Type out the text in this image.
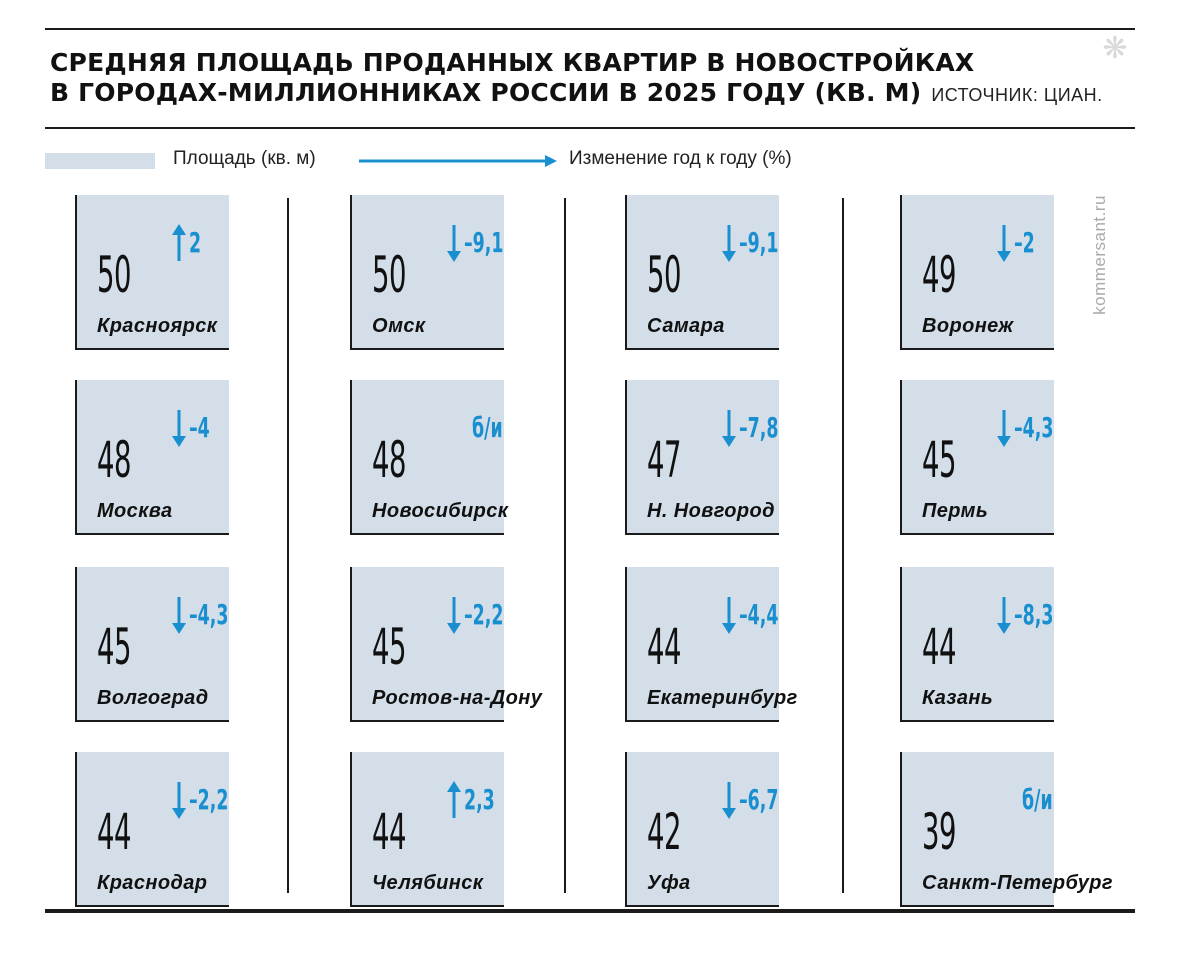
❋
СРЕДНЯЯ ПЛОЩАДЬ ПРОДАННЫХ КВАРТИР В НОВОСТРОЙКАХ
В ГОРОДАХ-МИЛЛИОННИКАХ РОССИИ В 2025 ГОДУ (КВ. М) ИСТОЧНИК: ЦИАН.
Площадь (кв. м)	Изменение год к году (%)
kommersant.ru
50
2
Красноярск
48
–4
Москва
45
–4,3
Волгоград
44
–2,2
Краснодар
50
–9,1
Омск
48
б/и
Новосибирск
45
–2,2
Ростов-на-Дону
44
2,3
Челябинск
50
–9,1
Самара
47
–7,8
Н. Новгород
44
–4,4
Екатеринбург
42
–6,7
Уфа
49
–2
Воронеж
45
–4,3
Пермь
44
–8,3
Казань
39
б/и
Санкт-Петербург
